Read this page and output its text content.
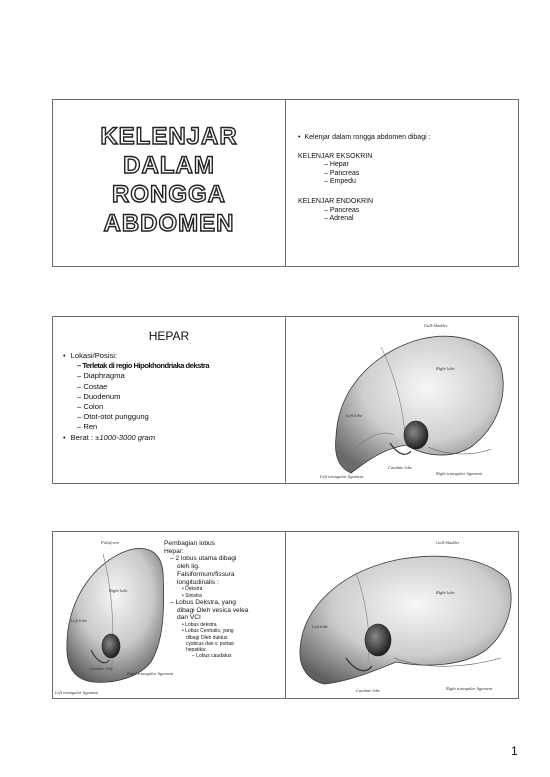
KELENJAR
DALAM
RONGGA
ABDOMEN
• Kelenjar dalam rongga abdomen dibagi :
KELENJAR EKSOKRIN
– Hepar
– Pancreas
– Empedu
KELENJAR ENDOKRIN
– Pancreas
– Adrenal
HEPAR
• Lokasi/Posisi:
– Terletak di regio Hipokhondriaka dekstra
– Diaphragma
– Costae
– Duodenum
– Colon
– Otot-otot punggung
– Ren
• Berat : ±1000-3000 gram
Gall-bladder
Right lobe
Left lobe
Caudate lobe
Left triangular ligament
Right triangular ligament
Falsiform
Right lobe
Left lobe
Caudate lobe
Left triangular ligament
Right triangular ligament
Pembagian lobus
Hepar:
– 2 lobus utama dibagi
oleh lig.
Falsiformum/fissura
longitudinalis :
• Dekstra
• Sinistra
– Lobus Dekstra, yang
dibagi Oleh vesica velea
dan VCI
• Lobus dekstra
• Lobus Centralis, yang
dibagi Oleh duktus
cysticus dan v. portae
hepatika:
– Lobus caudatus
Gall-bladder
Right lobe
Left lobe
Caudate lobe	Right triangular ligament
1
